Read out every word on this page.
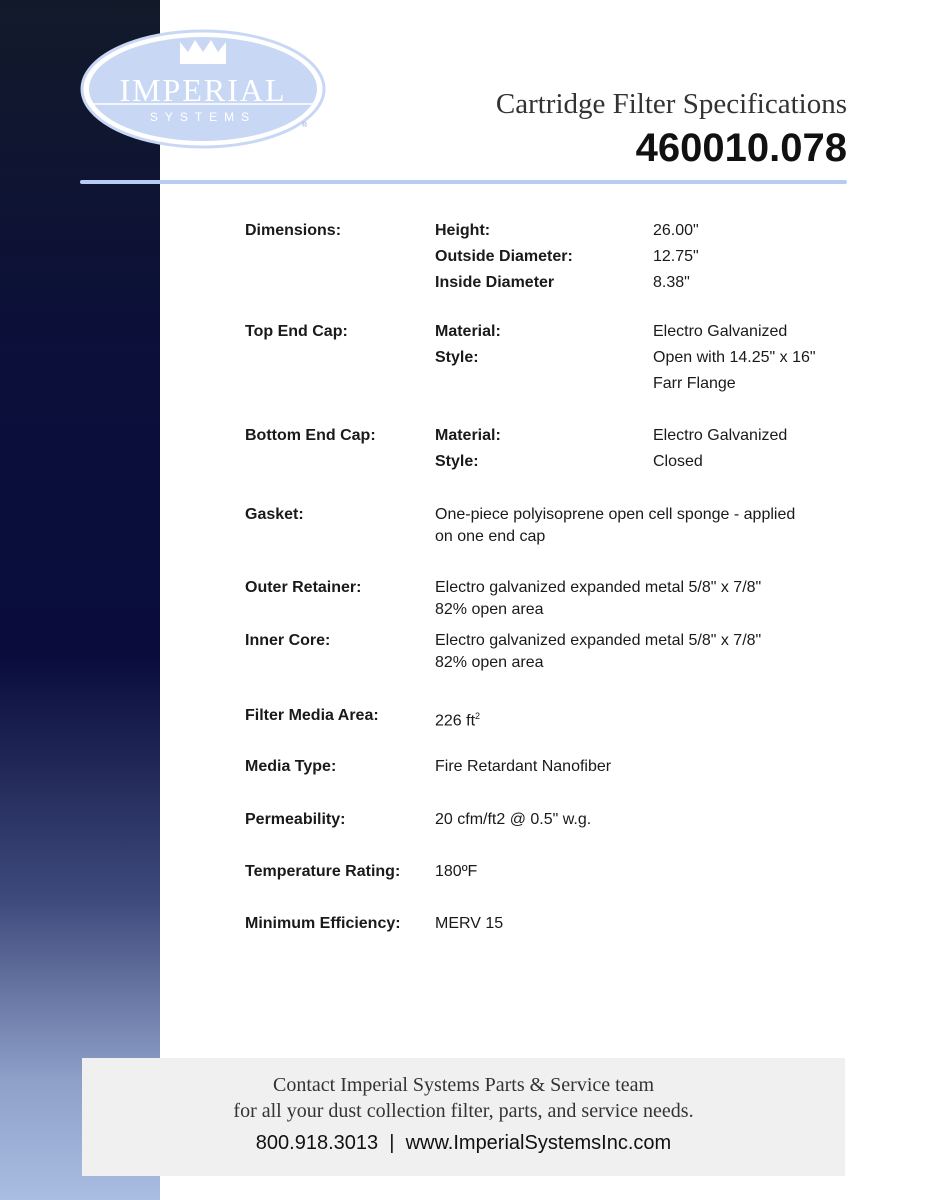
IMPERIAL
SYSTEMS
®
Cartridge Filter Specifications
460010.078
Dimensions:	Height:	26.00"
Outside Diameter:	12.75"
Inside Diameter	8.38"
Top End Cap:	Material:	Electro Galvanized
Style:	Open with 14.25" x 16"
Farr Flange
Bottom End Cap:	Material:	Electro Galvanized
Style:	Closed
Gasket:	One-piece polyisoprene open cell sponge - applied
on one end cap
Outer Retainer:	Electro galvanized expanded metal 5/8" x 7/8"
82% open area
Inner Core:	Electro galvanized expanded metal 5/8" x 7/8"
82% open area
Filter Media Area:	226 $ft^2$
Media Type:	Fire Retardant Nanofiber
Permeability:	20 cfm/ft2 @ 0.5" w.g.
Temperature Rating: 180ºF
Minimum Efficiency: MERV 15
Contact Imperial Systems Parts & Service team
for all your dust collection filter, parts, and service needs.
800.918.3013  |  www.ImperialSystemsInc.com
